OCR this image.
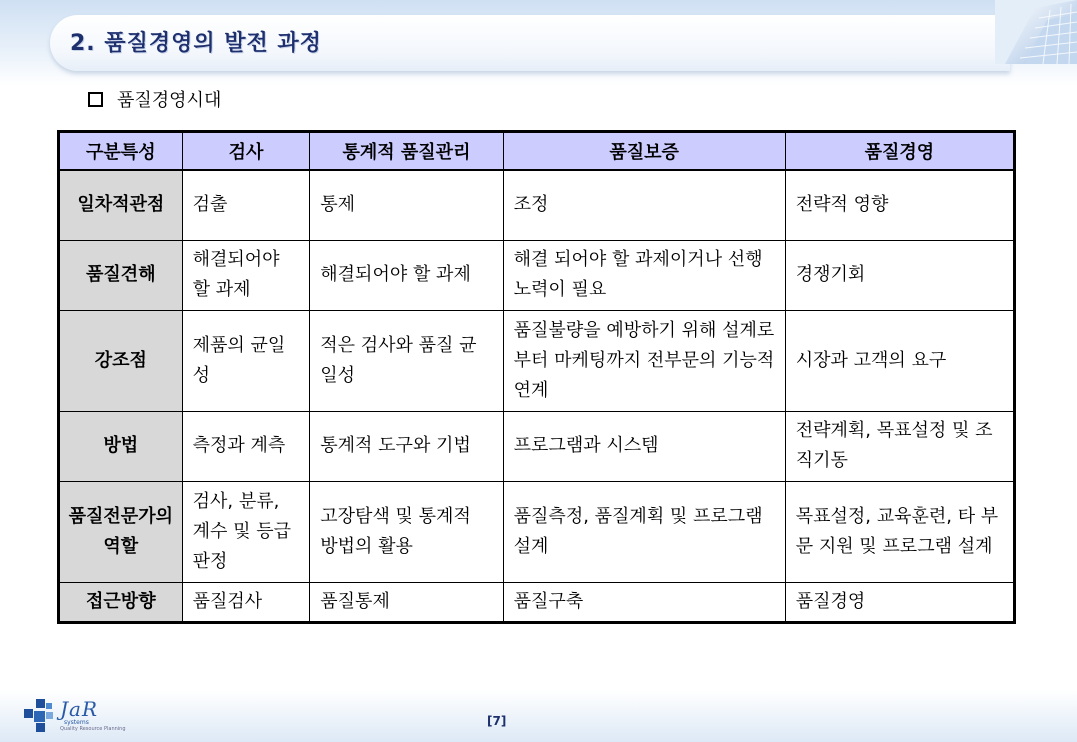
2. 품질경영의 발전 과정
품질경영시대
구분특성	검사	통계적 품질관리	품질보증	품질경영
일차적관점	검출	통제	조정	전략적 영향
품질견해	해결되어야 할 과제	해결되어야 할 과제	해결 되어야 할 과제이거나 선행노력이 필요	경쟁기회
강조점	제품의 균일성	적은 검사와 품질 균일성	품질불량을 예방하기 위해 설계로부터 마케팅까지 전부문의 기능적 연계	시장과 고객의 요구
방법	측정과 계측	통계적 도구와 기법	프로그램과 시스템	전략계획, 목표설정 및 조직기동
품질전문가의 역할	검사, 분류, 계수 및 등급판정	고장탐색 및 통계적 방법의 활용	품질측정, 품질계획 및 프로그램설계	목표설정, 교육훈련, 타 부문 지원 및 프로그램 설계
접근방향	품질검사	품질통제	품질구축	품질경영
JaR
systems
Quality Resource Planning
[7]
